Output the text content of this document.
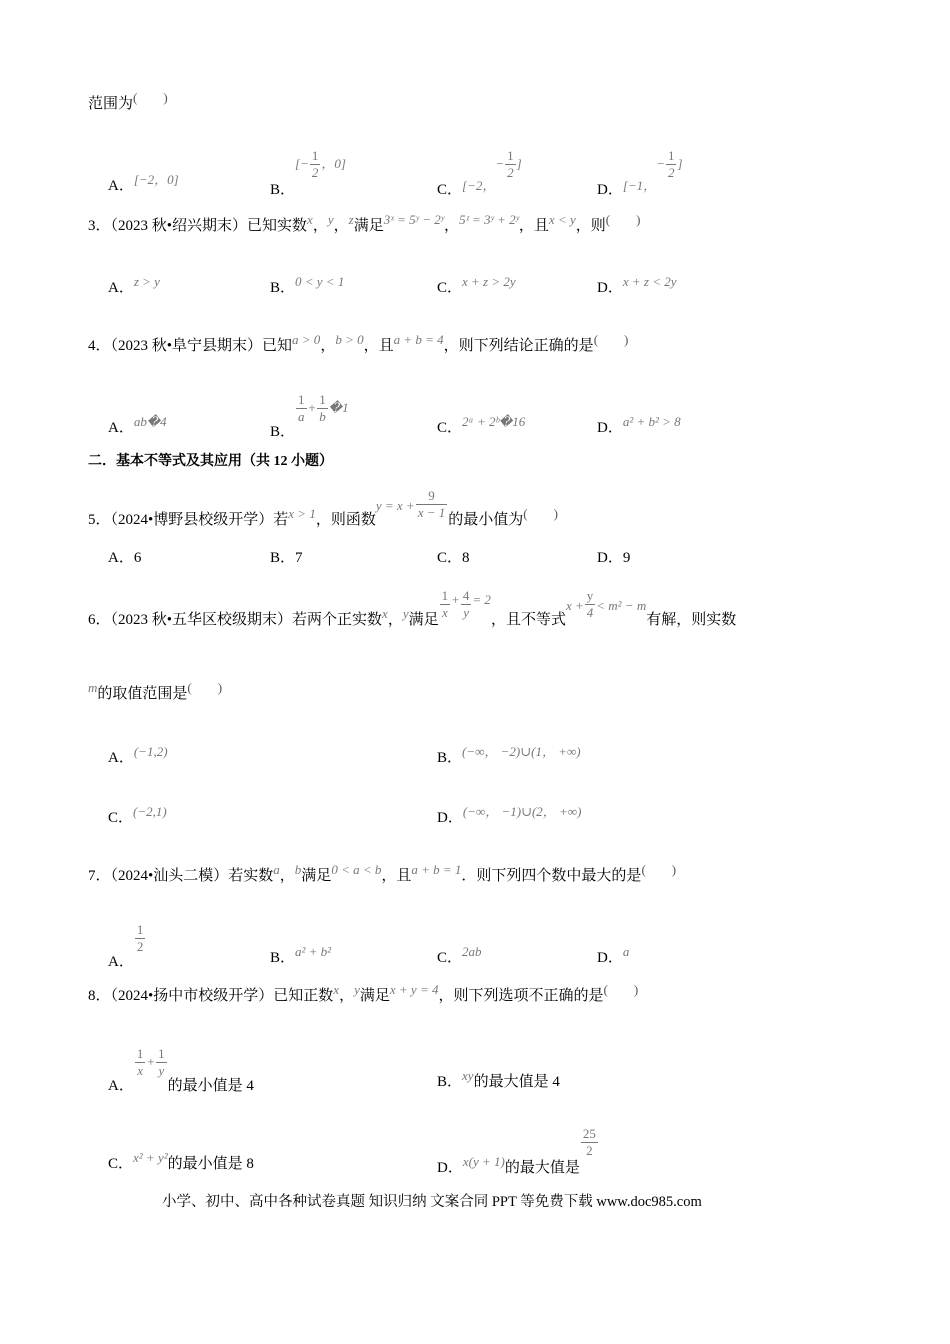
范围为(　　)
A．[−2，0]
B．[− $\frac{1}{2}$ ，0]
C．[−2，− $\frac{1}{2}$ ]
D．[−1，− $\frac{1}{2}$ ]
3．（2023 秋•绍兴期末）已知实数x，y，z满足3ˣ = 5ʸ − 2ʸ，5ᶻ = 3ʸ + 2ʸ，且x < y，则(　　)
A．z > y	B．0 < y < 1	C．x + z > 2y	D．x + z < 2y
4．（2023 秋•阜宁县期末）已知a > 0，b > 0，且a + b = 4，则下列结论正确的是(　　)
A．ab�4
B．
$\frac{1}{a} + \frac{1}{b}$ �1
C．2ᵃ + 2ᵇ�16	D．a² + b² > 8
二．基本不等式及其应用（共 12 小题）
5．（2024•博野县校级开学）若x > 1，则函数$y = x + \frac{9}{x - 1}$ 的最小值为(　　)
A．6	B．7	C．8	D．9
6．（2023 秋•五华区校级期末）若两个正实数x，y满足 $\frac{1}{x} + \frac{4}{y} = 2$，且不等式$x + \frac{y}{4} < m^2 - m$有解，则实数
m的取值范围是(　　)
A．(−1,2)	B．(−∞， −2)∪(1， +∞)
C．(−2,1)	D．(−∞， −1)∪(2， +∞)
7．（2024•汕头二模）若实数a，b满足0 < a < b，且a + b = 1．则下列四个数中最大的是(　　)
A．
$\frac{1}{2}$
B．a² + b²	C．2ab	D．a
8．（2024•扬中市校级开学）已知正数x，y满足x + y = 4，则下列选项不正确的是(　　)
A．
$\frac{1}{x} + \frac{1}{y}$
的最小值是 4	B．xy的最大值是 4
C．x² + y²的最小值是 8	D．x(y + 1)的最大值是
$\frac{25}{2}$
小学、初中、高中各种试卷真题 知识归纳 文案合同 PPT 等免费下载 www.doc985.com
